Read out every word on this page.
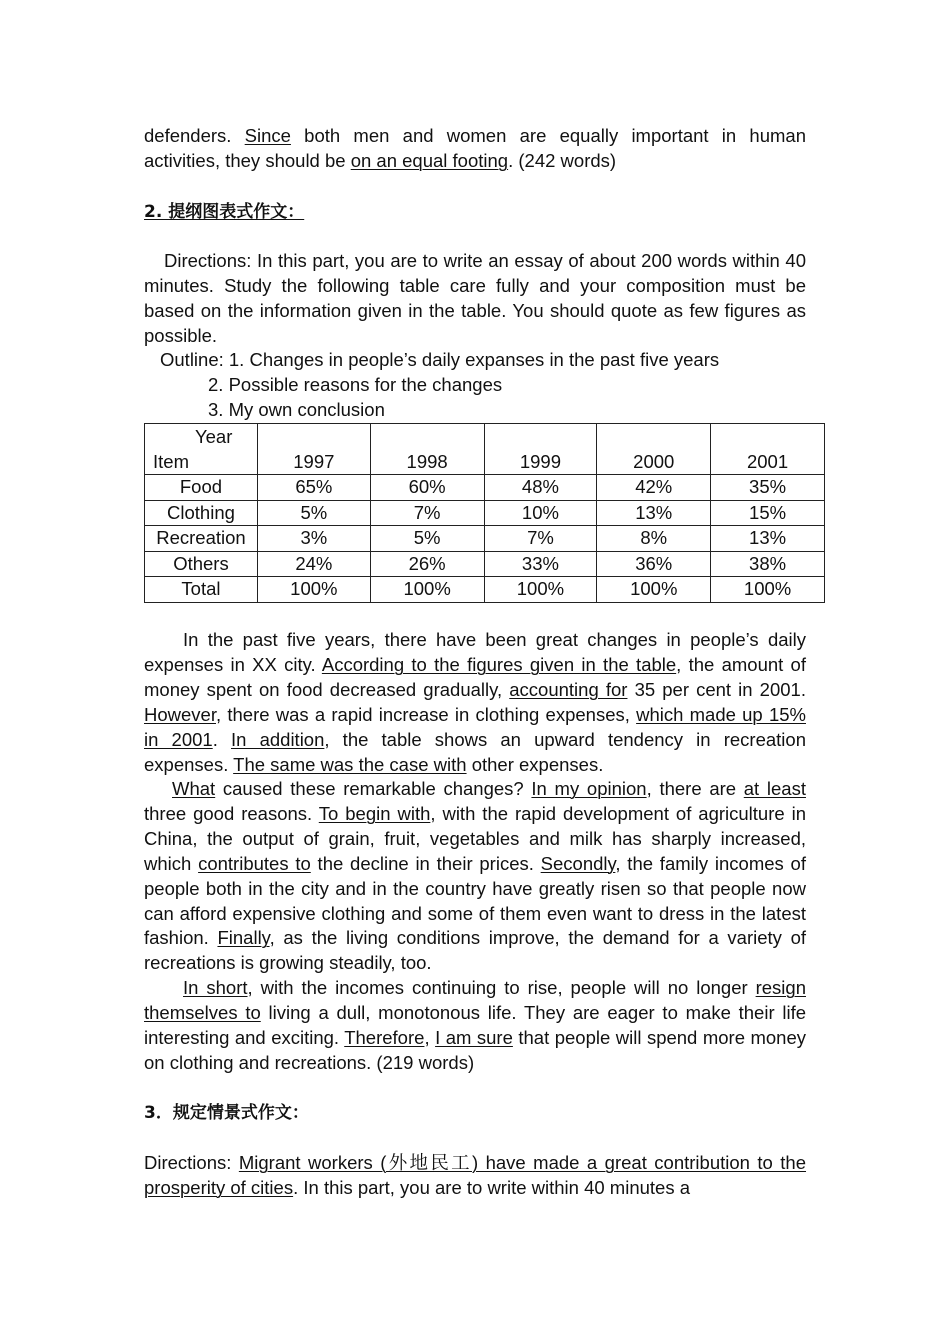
defenders. Since both men and women are equally important in human activities, they should be on an equal footing. (242 words)

2. 提纲图表式作文：

Directions: In this part, you are to write an essay of about 200 words within 40 minutes. Study the following table care fully and your composition must be based on the information given in the table. You should quote as few figures as possible.

Outline: 1. Changes in people’s daily expanses in the past five years

2. Possible reasons for the changes

3. My own conclusion

In the past five years, there have been great changes in people’s daily expenses in XX city. According to the figures given in the table, the amount of money spent on food decreased gradually, accounting for 35 per cent in 2001. However, there was a rapid increase in clothing expenses, which made up 15% in 2001. In addition, the table shows an upward tendency in recreation expenses. The same was the case with other expenses.

What caused these remarkable changes? In my opinion, there are at least three good reasons. To begin with, with the rapid development of agriculture in China, the output of grain, fruit, vegetables and milk has sharply increased, which contributes to the decline in their prices. Secondly, the family incomes of people both in the city and in the country have greatly risen so that people now can afford expensive clothing and some of them even want to dress in the latest fashion. Finally, as the living conditions improve, the demand for a variety of recreations is growing steadily, too.

In short, with the incomes continuing to rise, people will no longer resign themselves to living a dull, monotonous life. They are eager to make their life interesting and exciting. Therefore, I am sure that people will spend more money on clothing and recreations. (219 words)

3．规定情景式作文：

Directions: Migrant workers (外地民工) have made a great contribution to the prosperity of cities. In this part, you are to write within 40 minutes a

Year
Item	1997	1998	1999	2000	2001
Food	65%	60%	48%	42%	35%
Clothing	5%	7%	10%	13%	15%
Recreation	3%	5%	7%	8%	13%
Others	24%	26%	33%	36%	38%
Total	100%	100%	100%	100%	100%
